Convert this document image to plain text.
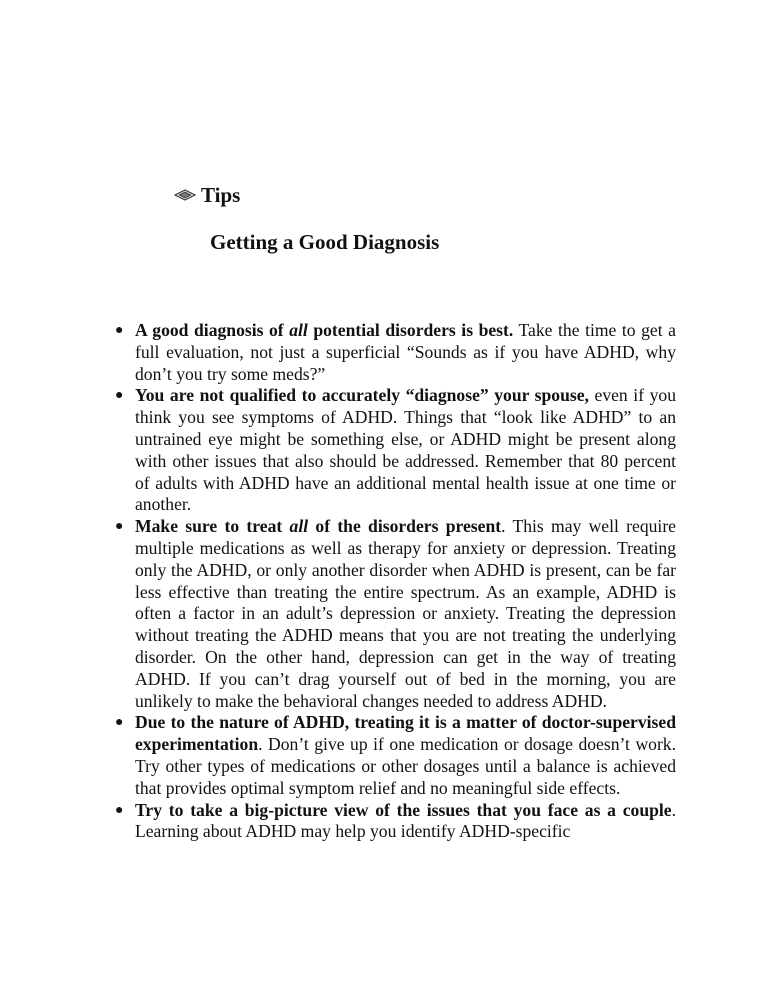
Tips
Getting a Good Diagnosis
● A good diagnosis of all potential disorders is best. Take the time to get a full evaluation, not just a superficial “Sounds as if you have ADHD, why don’t you try some meds?”
● You are not qualified to accurately “diagnose” your spouse, even if you think you see symptoms of ADHD. Things that “look like ADHD” to an untrained eye might be something else, or ADHD might be present along with other issues that also should be addressed. Remember that 80 percent of adults with ADHD have an additional mental health issue at one time or another.
● Make sure to treat all of the disorders present. This may well require multiple medications as well as therapy for anxiety or depression. Treating only the ADHD, or only another disorder when ADHD is present, can be far less effective than treating the entire spectrum. As an example, ADHD is often a factor in an adult’s depression or anxiety. Treating the depression without treating the ADHD means that you are not treating the underlying disorder. On the other hand, depression can get in the way of treating ADHD. If you can’t drag yourself out of bed in the morning, you are unlikely to make the behavioral changes needed to address ADHD.
● Due to the nature of ADHD, treating it is a matter of doctor-supervised experimentation. Don’t give up if one medication or dosage doesn’t work. Try other types of medications or other dosages until a balance is achieved that provides optimal symptom relief and no meaningful side effects.
● Try to take a big-picture view of the issues that you face as a couple. Learning about ADHD may help you identify ADHD-specific
